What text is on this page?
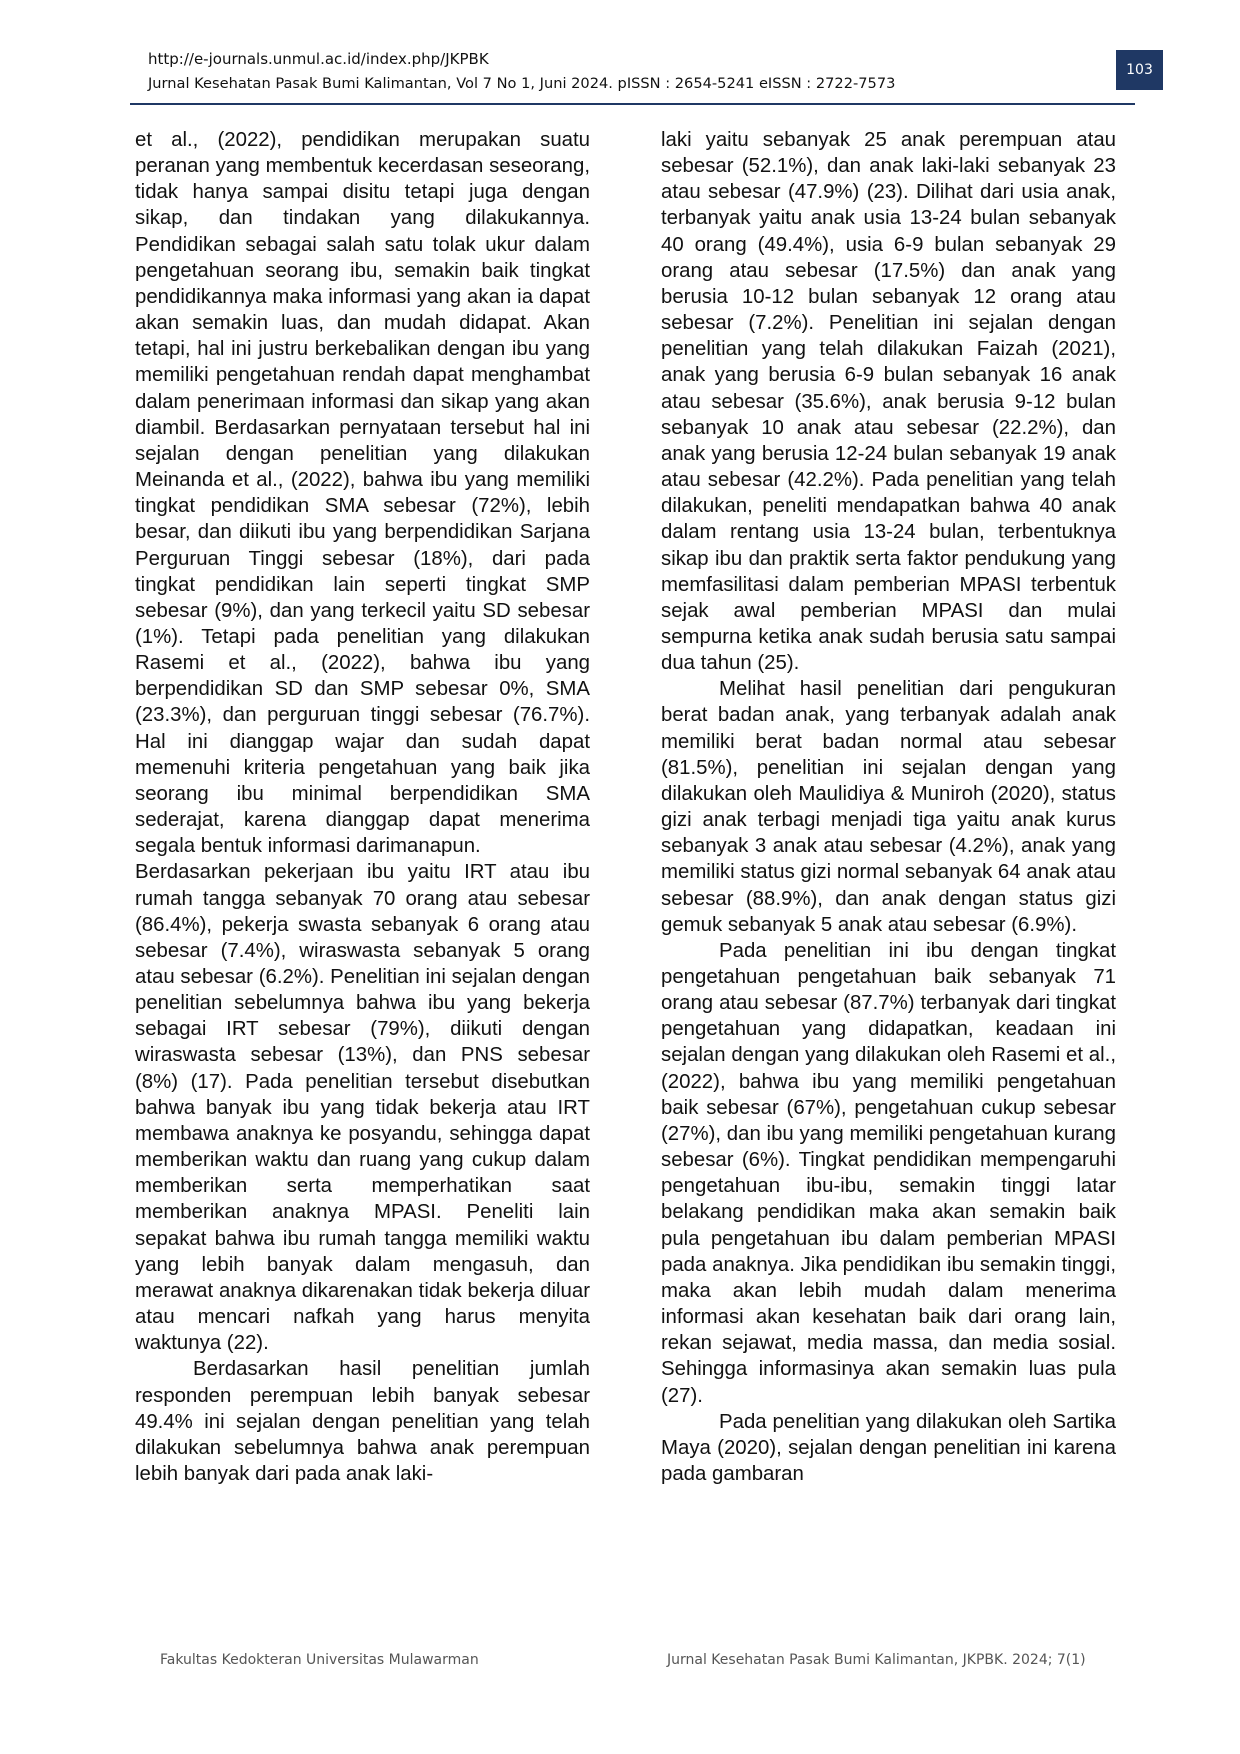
http://e-journals.unmul.ac.id/index.php/JKPBK
Jurnal Kesehatan Pasak Bumi Kalimantan, Vol 7 No 1, Juni 2024. pISSN : 2654-5241 eISSN : 2722-7573
103

et al., (2022), pendidikan merupakan suatu peranan yang membentuk kecerdasan seseorang, tidak hanya sampai disitu tetapi juga dengan sikap, dan tindakan yang dilakukannya. Pendidikan sebagai salah satu tolak ukur dalam pengetahuan seorang ibu, semakin baik tingkat pendidikannya maka informasi yang akan ia dapat akan semakin luas, dan mudah didapat. Akan tetapi, hal ini justru berkebalikan dengan ibu yang memiliki pengetahuan rendah dapat menghambat dalam penerimaan informasi dan sikap yang akan diambil. Berdasarkan pernyataan tersebut hal ini sejalan dengan penelitian yang dilakukan Meinanda et al., (2022), bahwa ibu yang memiliki tingkat pendidikan SMA sebesar (72%), lebih besar, dan diikuti ibu yang berpendidikan Sarjana Perguruan Tinggi sebesar (18%), dari pada tingkat pendidikan lain seperti tingkat SMP sebesar (9%), dan yang terkecil yaitu SD sebesar (1%). Tetapi pada penelitian yang dilakukan Rasemi et al., (2022), bahwa ibu yang berpendidikan SD dan SMP sebesar 0%, SMA (23.3%), dan perguruan tinggi sebesar (76.7%). Hal ini dianggap wajar dan sudah dapat memenuhi kriteria pengetahuan yang baik jika seorang ibu minimal berpendidikan SMA sederajat, karena dianggap dapat menerima segala bentuk informasi darimanapun.

Berdasarkan pekerjaan ibu yaitu IRT atau ibu rumah tangga sebanyak 70 orang atau sebesar (86.4%), pekerja swasta sebanyak 6 orang atau sebesar (7.4%), wiraswasta sebanyak 5 orang atau sebesar (6.2%). Penelitian ini sejalan dengan penelitian sebelumnya bahwa ibu yang bekerja sebagai IRT sebesar (79%), diikuti dengan wiraswasta sebesar (13%), dan PNS sebesar (8%) (17). Pada penelitian tersebut disebutkan bahwa banyak ibu yang tidak bekerja atau IRT membawa anaknya ke posyandu, sehingga dapat memberikan waktu dan ruang yang cukup dalam memberikan serta memperhatikan saat memberikan anaknya MPASI. Peneliti lain sepakat bahwa ibu rumah tangga memiliki waktu yang lebih banyak dalam mengasuh, dan merawat anaknya dikarenakan tidak bekerja diluar atau mencari nafkah yang harus menyita waktunya (22).

Berdasarkan hasil penelitian jumlah responden perempuan lebih banyak sebesar 49.4% ini sejalan dengan penelitian yang telah dilakukan sebelumnya bahwa anak perempuan lebih banyak dari pada anak laki-

laki yaitu sebanyak 25 anak perempuan atau sebesar (52.1%), dan anak laki-laki sebanyak 23 atau sebesar (47.9%) (23). Dilihat dari usia anak, terbanyak yaitu anak usia 13-24 bulan sebanyak 40 orang (49.4%), usia 6-9 bulan sebanyak 29 orang atau sebesar (17.5%) dan anak yang berusia 10-12 bulan sebanyak 12 orang atau sebesar (7.2%). Penelitian ini sejalan dengan penelitian yang telah dilakukan Faizah (2021), anak yang berusia 6-9 bulan sebanyak 16 anak atau sebesar (35.6%), anak berusia 9-12 bulan sebanyak 10 anak atau sebesar (22.2%), dan anak yang berusia 12-24 bulan sebanyak 19 anak atau sebesar (42.2%). Pada penelitian yang telah dilakukan, peneliti mendapatkan bahwa 40 anak dalam rentang usia 13-24 bulan, terbentuknya sikap ibu dan praktik serta faktor pendukung yang memfasilitasi dalam pemberian MPASI terbentuk sejak awal pemberian MPASI dan mulai sempurna ketika anak sudah berusia satu sampai dua tahun (25).

Melihat hasil penelitian dari pengukuran berat badan anak, yang terbanyak adalah anak memiliki berat badan normal atau sebesar (81.5%), penelitian ini sejalan dengan yang dilakukan oleh Maulidiya & Muniroh (2020), status gizi anak terbagi menjadi tiga yaitu anak kurus sebanyak 3 anak atau sebesar (4.2%), anak yang memiliki status gizi normal sebanyak 64 anak atau sebesar (88.9%), dan anak dengan status gizi gemuk sebanyak 5 anak atau sebesar (6.9%).

Pada penelitian ini ibu dengan tingkat pengetahuan pengetahuan baik sebanyak 71 orang atau sebesar (87.7%) terbanyak dari tingkat pengetahuan yang didapatkan, keadaan ini sejalan dengan yang dilakukan oleh Rasemi et al., (2022), bahwa ibu yang memiliki pengetahuan baik sebesar (67%), pengetahuan cukup sebesar (27%), dan ibu yang memiliki pengetahuan kurang sebesar (6%). Tingkat pendidikan mempengaruhi pengetahuan ibu-ibu, semakin tinggi latar belakang pendidikan maka akan semakin baik pula pengetahuan ibu dalam pemberian MPASI pada anaknya. Jika pendidikan ibu semakin tinggi, maka akan lebih mudah dalam menerima informasi akan kesehatan baik dari orang lain, rekan sejawat, media massa, dan media sosial. Sehingga informasinya akan semakin luas pula (27).

Pada penelitian yang dilakukan oleh Sartika Maya (2020), sejalan dengan penelitian ini karena pada gambaran

Fakultas Kedokteran Universitas Mulawarman	Jurnal Kesehatan Pasak Bumi Kalimantan, JKPBK. 2024; 7(1)
